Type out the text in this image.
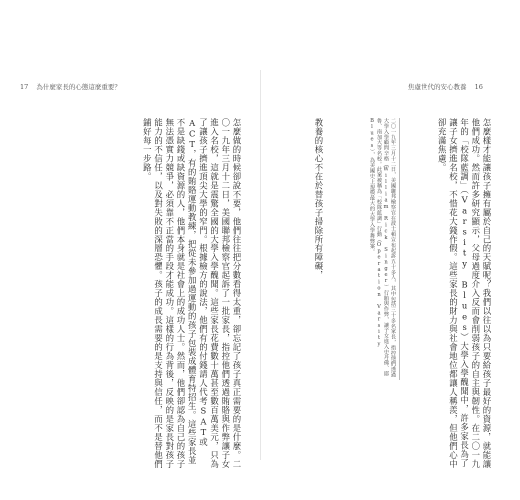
17 為什麼家長的心態這麼重要？	焦慮世代的安心教養 16
怎麼做的時候卻說不要，他們往往把分數看得太重，卻忘記了孩子真正需要的是什麼。二〇一九年三月十二日，美國聯邦檢察官起訴了一批家長，指控他們透過賄賂與作弊讓子女進入名校，這就是震驚全國的大學入學醜聞。這些家長花費數十萬甚至數百萬美元，只為了讓孩子擠進頂尖大學的窄門。根據檢方的說法，他們有的付錢請人代考SAT或ACT，有的賄賂運動教練，把從未參加過運動的孩子包裝成體育特招生。這些家長並不是缺錢或缺資源的人，他們本身就是社會上的成功人士。然而，他們卻認為自己的孩子無法憑實力競爭，必須靠不正當的手段才能成功。這樣的行為背後，反映的是家長對孩子能力的不信任，以及對失敗的深層恐懼。孩子的成長需要的是支持與信任，而不是替他們鋪好每一步路。	教養的核心不在於替孩子掃除所有障礙，	二〇一九年三月十二日，美國聯邦檢察官在波士頓宣布起訴五十多人，其中包括三十多名家長，指控他們透過大學入學顧問辛格（William Rick Singer）行賄與作弊，讓子女進入史丹佛、耶魯、南加大等名校。此案被稱為「校隊藍調」行動（Operation Varsity Blues），為美國史上規模最大的大學入學舞弊案。	怎麼樣才能讓孩子擁有屬於自己的天賦呢？我們以往以為只要給孩子最好的資源，就能讓他們成功。然而許多研究顯示，父母過度介入反而會削弱孩子的自主與韌性。在二〇一九年的「校隊藍調」（Varsity Blues）大學入學醜聞中，許多家長為了讓子女擠進名校，不惜花大錢作假。這些家長的財力與社會地位都讓人稱羨，但他們心中卻充滿焦慮。
